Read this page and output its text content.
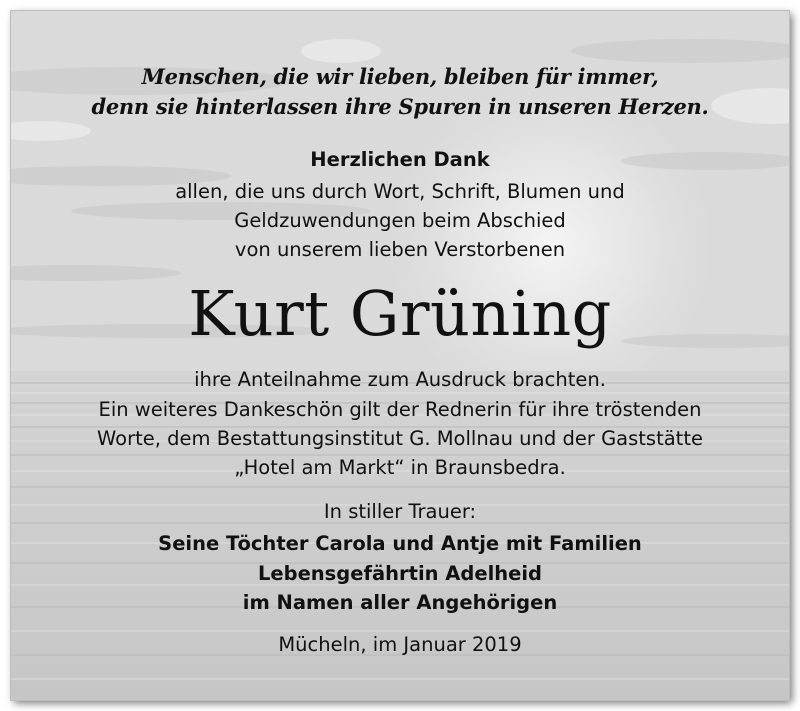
Menschen, die wir lieben, bleiben für immer,

denn sie hinterlassen ihre Spuren in unseren Herzen.

Herzlichen Dank

allen, die uns durch Wort, Schrift, Blumen und

Geldzuwendungen beim Abschied

von unserem lieben Verstorbenen

Kurt Grüning

ihre Anteilnahme zum Ausdruck brachten.

Ein weiteres Dankeschön gilt der Rednerin für ihre tröstenden

Worte, dem Bestattungsinstitut G. Mollnau und der Gaststätte

„Hotel am Markt“ in Braunsbedra.

In stiller Trauer:

Seine Töchter Carola und Antje mit Familien

Lebensgefährtin Adelheid

im Namen aller Angehörigen

Mücheln, im Januar 2019
